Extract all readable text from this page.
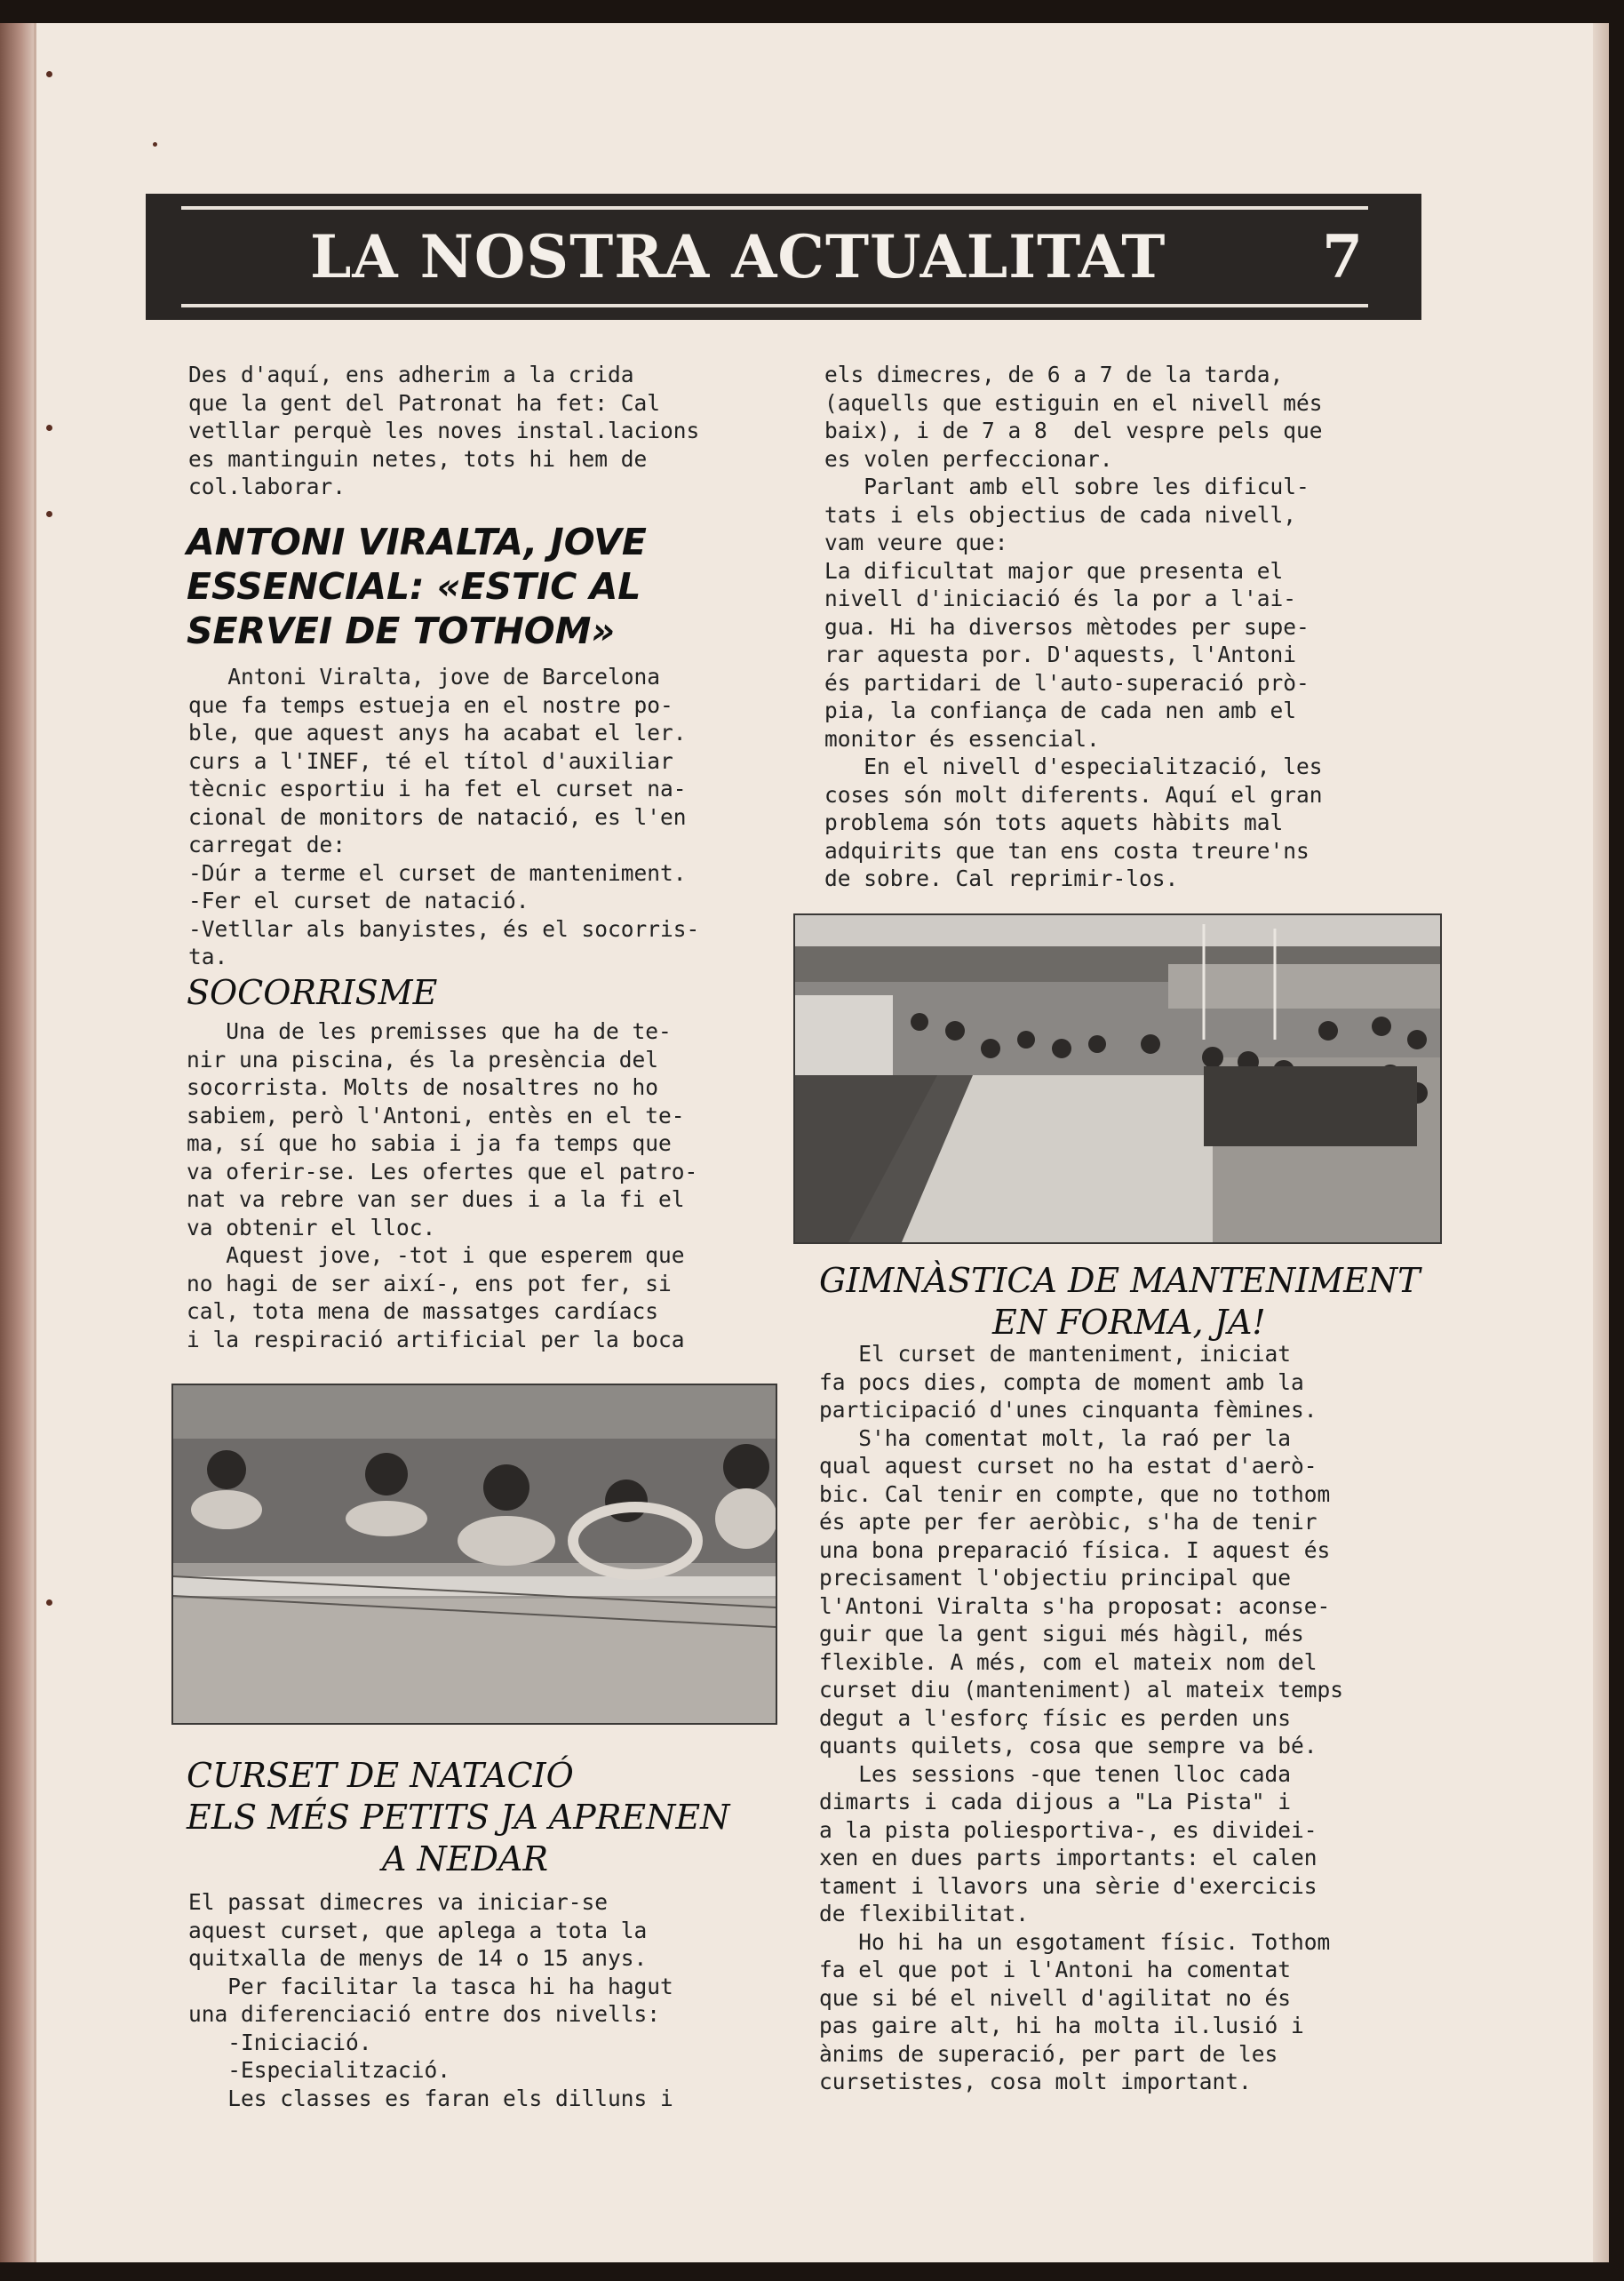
LA NOSTRA ACTUALITAT	7

Des d'aquí, ens adherim a la crida
que la gent del Patronat ha fet: Cal
vetllar perquè les noves instal.lacions
es mantinguin netes, tots hi hem de
col.laborar.

ANTONI VIRALTA, JOVE

ESSENCIAL: «ESTIC AL

SERVEI DE TOTHOM»

Antoni Viralta, jove de Barcelona
que fa temps estueja en el nostre po-
ble, que aquest anys ha acabat el ler.
curs a l'INEF, té el títol d'auxiliar
tècnic esportiu i ha fet el curset na-
cional de monitors de natació, es l'en
carregat de:
-Dúr a terme el curset de manteniment.
-Fer el curset de natació.
-Vetllar als banyistes, és el socorris-
ta.

SOCORRISME

Una de les premisses que ha de te-
nir una piscina, és la presència del
socorrista. Molts de nosaltres no ho
sabiem, però l'Antoni, entès en el te-
ma, sí que ho sabia i ja fa temps que
va oferir-se. Les ofertes que el patro-
nat va rebre van ser dues i a la fi el
va obtenir el lloc.
Aquest jove, -tot i que esperem que
no hagi de ser així-, ens pot fer, si
cal, tota mena de massatges cardíacs
i la respiració artificial per la boca

CURSET DE NATACIÓ

ELS MÉS PETITS JA APRENEN

A NEDAR

El passat dimecres va iniciar-se
aquest curset, que aplega a tota la
quitxalla de menys de 14 o 15 anys.
Per facilitar la tasca hi ha hagut
una diferenciació entre dos nivells:
-Iniciació.
-Especialització.
Les classes es faran els dilluns i

els dimecres, de 6 a 7 de la tarda,
(aquells que estiguin en el nivell més
baix), i de 7 a 8  del vespre pels que
es volen perfeccionar.
Parlant amb ell sobre les dificul-
tats i els objectius de cada nivell,
vam veure que:
La dificultat major que presenta el
nivell d'iniciació és la por a l'ai-
gua. Hi ha diversos mètodes per supe-
rar aquesta por. D'aquests, l'Antoni
és partidari de l'auto-superació prò-
pia, la confiança de cada nen amb el
monitor és essencial.
En el nivell d'especialització, les
coses són molt diferents. Aquí el gran
problema són tots aquets hàbits mal
adquirits que tan ens costa treure'ns
de sobre. Cal reprimir-los.

GIMNÀSTICA DE MANTENIMENT

EN FORMA, JA!

El curset de manteniment, iniciat
fa pocs dies, compta de moment amb la
participació d'unes cinquanta fèmines.
S'ha comentat molt, la raó per la
qual aquest curset no ha estat d'aerò-
bic. Cal tenir en compte, que no tothom
és apte per fer aeròbic, s'ha de tenir
una bona preparació física. I aquest és
precisament l'objectiu principal que
l'Antoni Viralta s'ha proposat: aconse-
guir que la gent sigui més hàgil, més
flexible. A més, com el mateix nom del
curset diu (manteniment) al mateix temps
degut a l'esforç físic es perden uns
quants quilets, cosa que sempre va bé.
Les sessions -que tenen lloc cada
dimarts i cada dijous a "La Pista" i
a la pista poliesportiva-, es dividei-
xen en dues parts importants: el calen
tament i llavors una sèrie d'exercicis
de flexibilitat.
Ho hi ha un esgotament físic. Tothom
fa el que pot i l'Antoni ha comentat
que si bé el nivell d'agilitat no és
pas gaire alt, hi ha molta il.lusió i
ànims de superació, per part de les
cursetistes, cosa molt important.
